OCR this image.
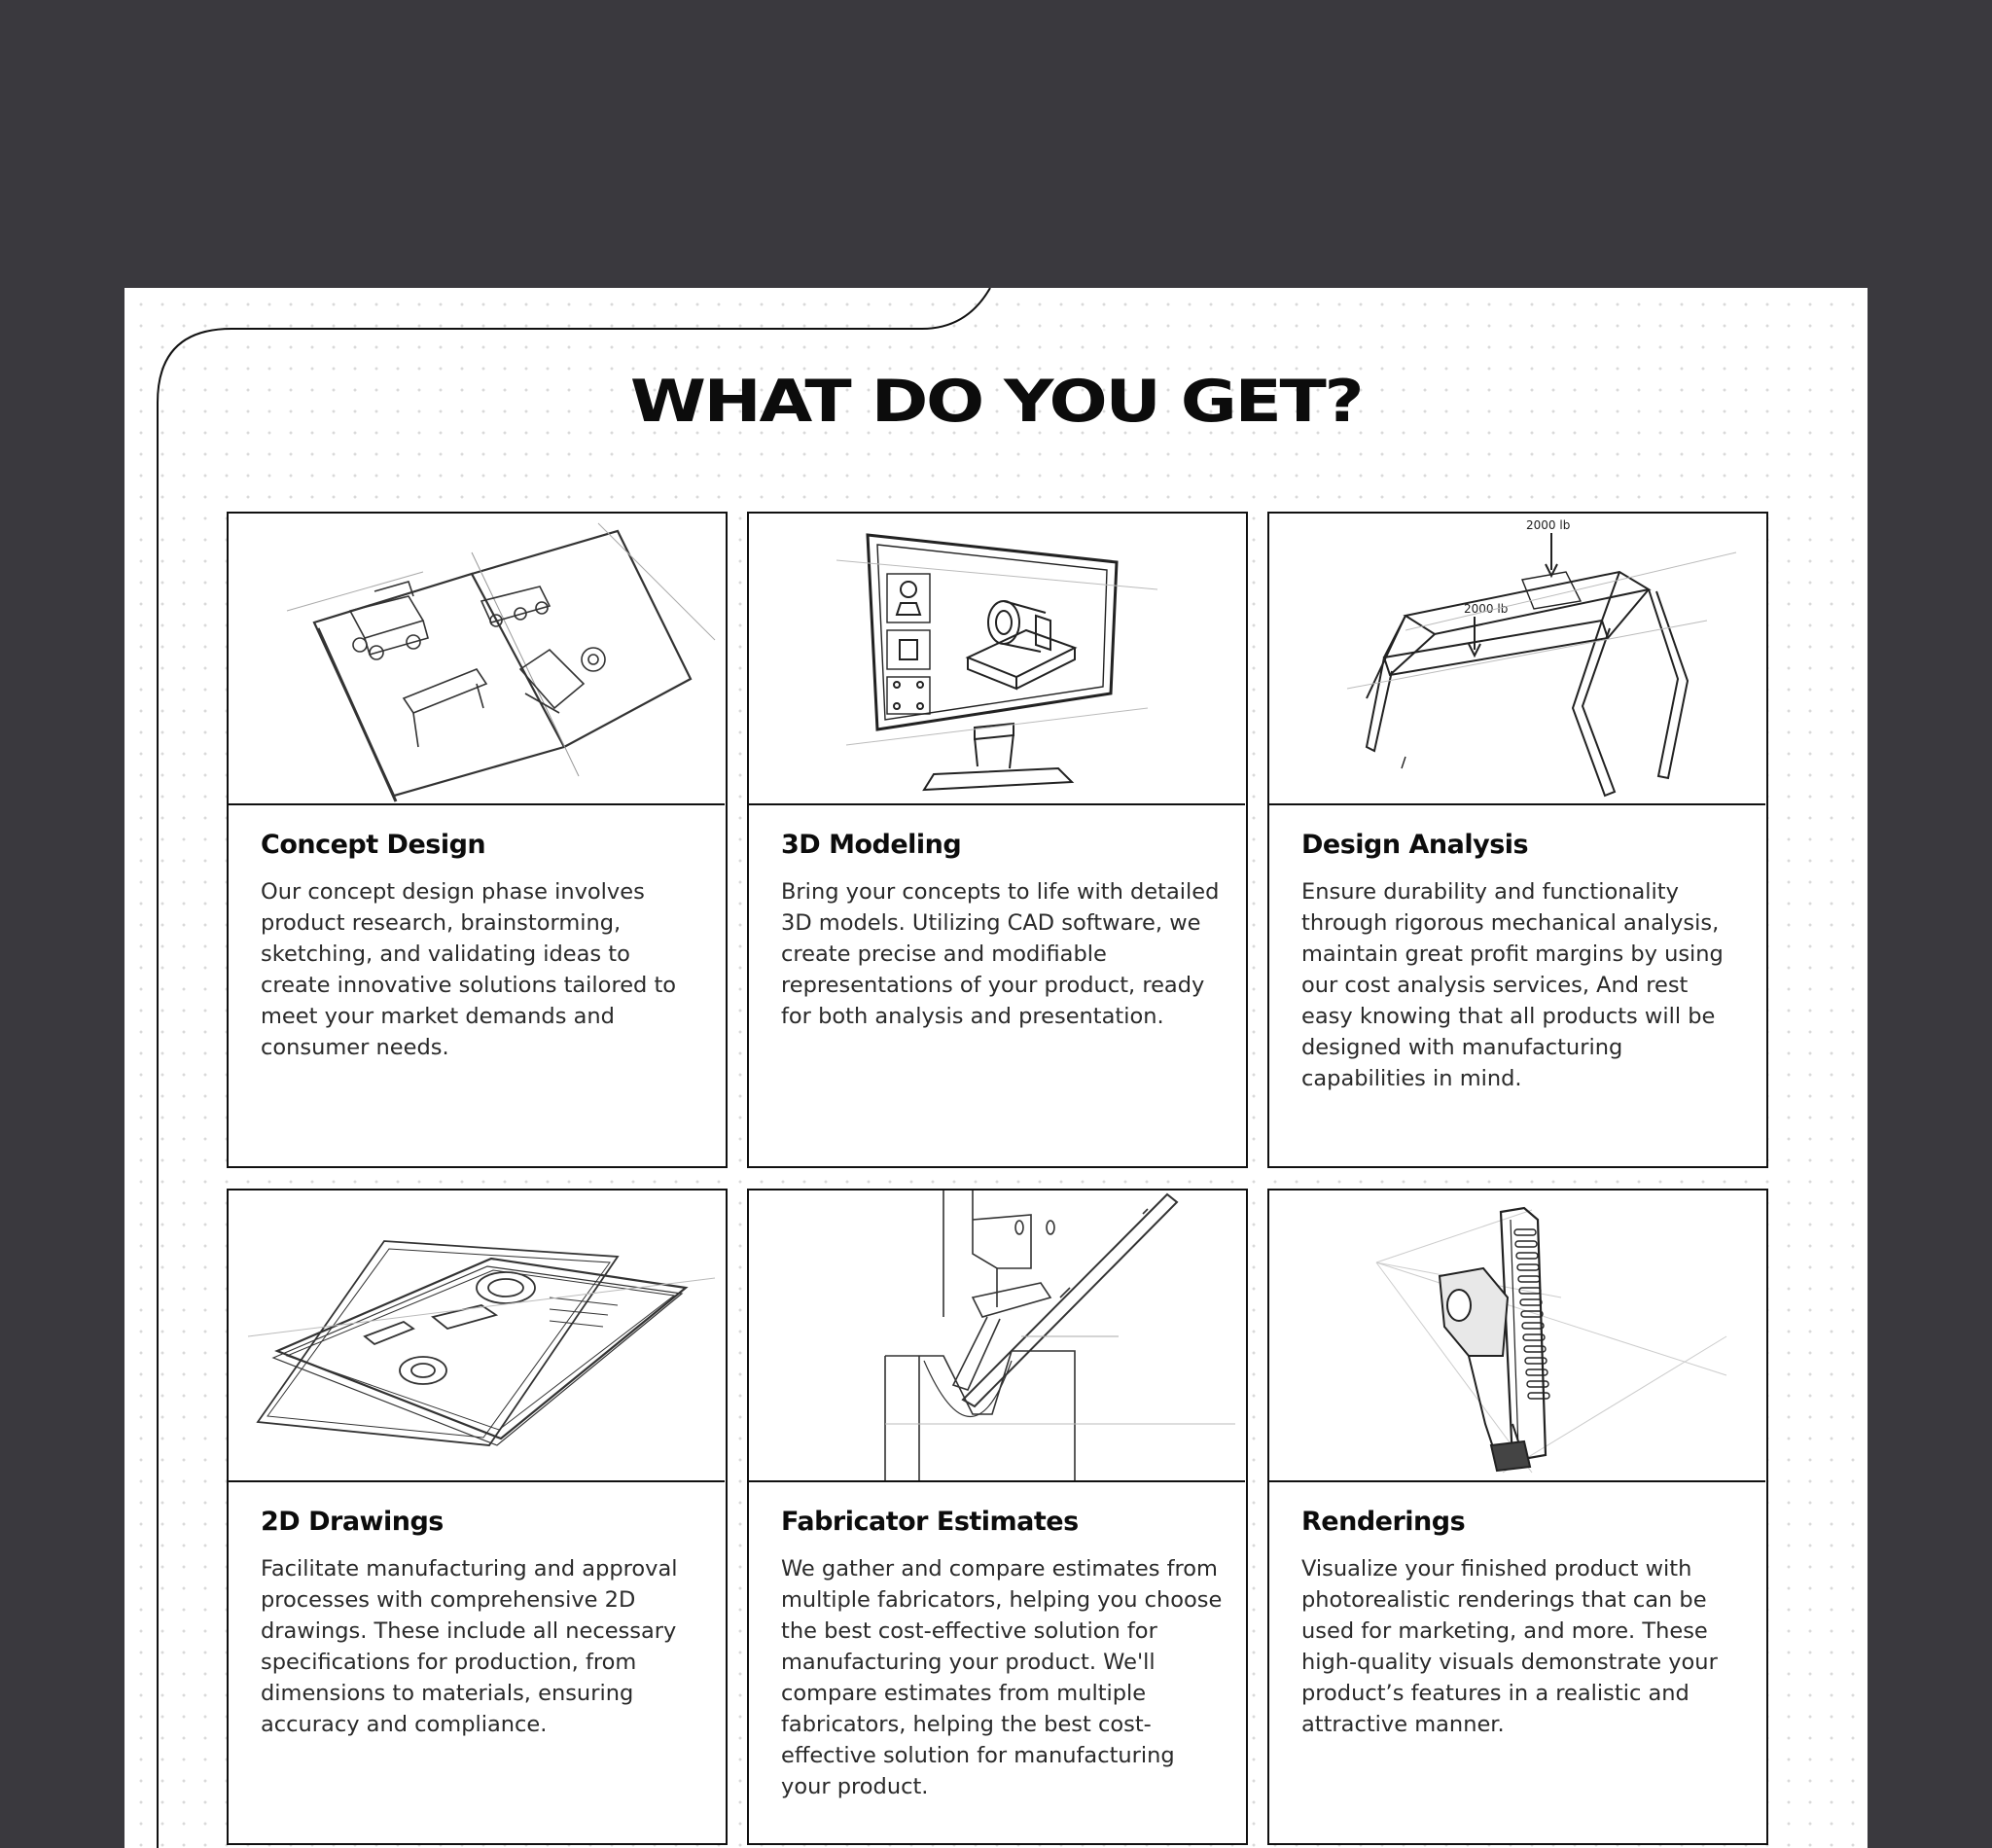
WHAT DO YOU GET?
Concept Design

Our concept design phase involves product research, brainstorming, sketching, and validating ideas to create innovative solutions tailored to meet your market demands and consumer needs.

3D Modeling

Bring your concepts to life with detailed 3D models. Utilizing CAD software, we create precise and modifiable representations of your product, ready for both analysis and presentation.

2000 lb
2000 lb
Design Analysis

Ensure durability and functionality through rigorous mechanical analysis, maintain great profit margins by using our cost analysis services, And rest easy knowing that all products will be designed with manufacturing capabilities in mind.

2D Drawings

Facilitate manufacturing and approval processes with comprehensive 2D drawings. These include all necessary specifications for production, from dimensions to materials, ensuring accuracy and compliance.

Fabricator Estimates

We gather and compare estimates from multiple fabricators, helping you choose the best cost-effective solution for manufacturing your product. We'll compare estimates from multiple fabricators, helping the best cost-effective solution for manufacturing your product.

Renderings

Visualize your finished product with photorealistic renderings that can be used for marketing, and more. These high-quality visuals demonstrate your product’s features in a realistic and attractive manner.
